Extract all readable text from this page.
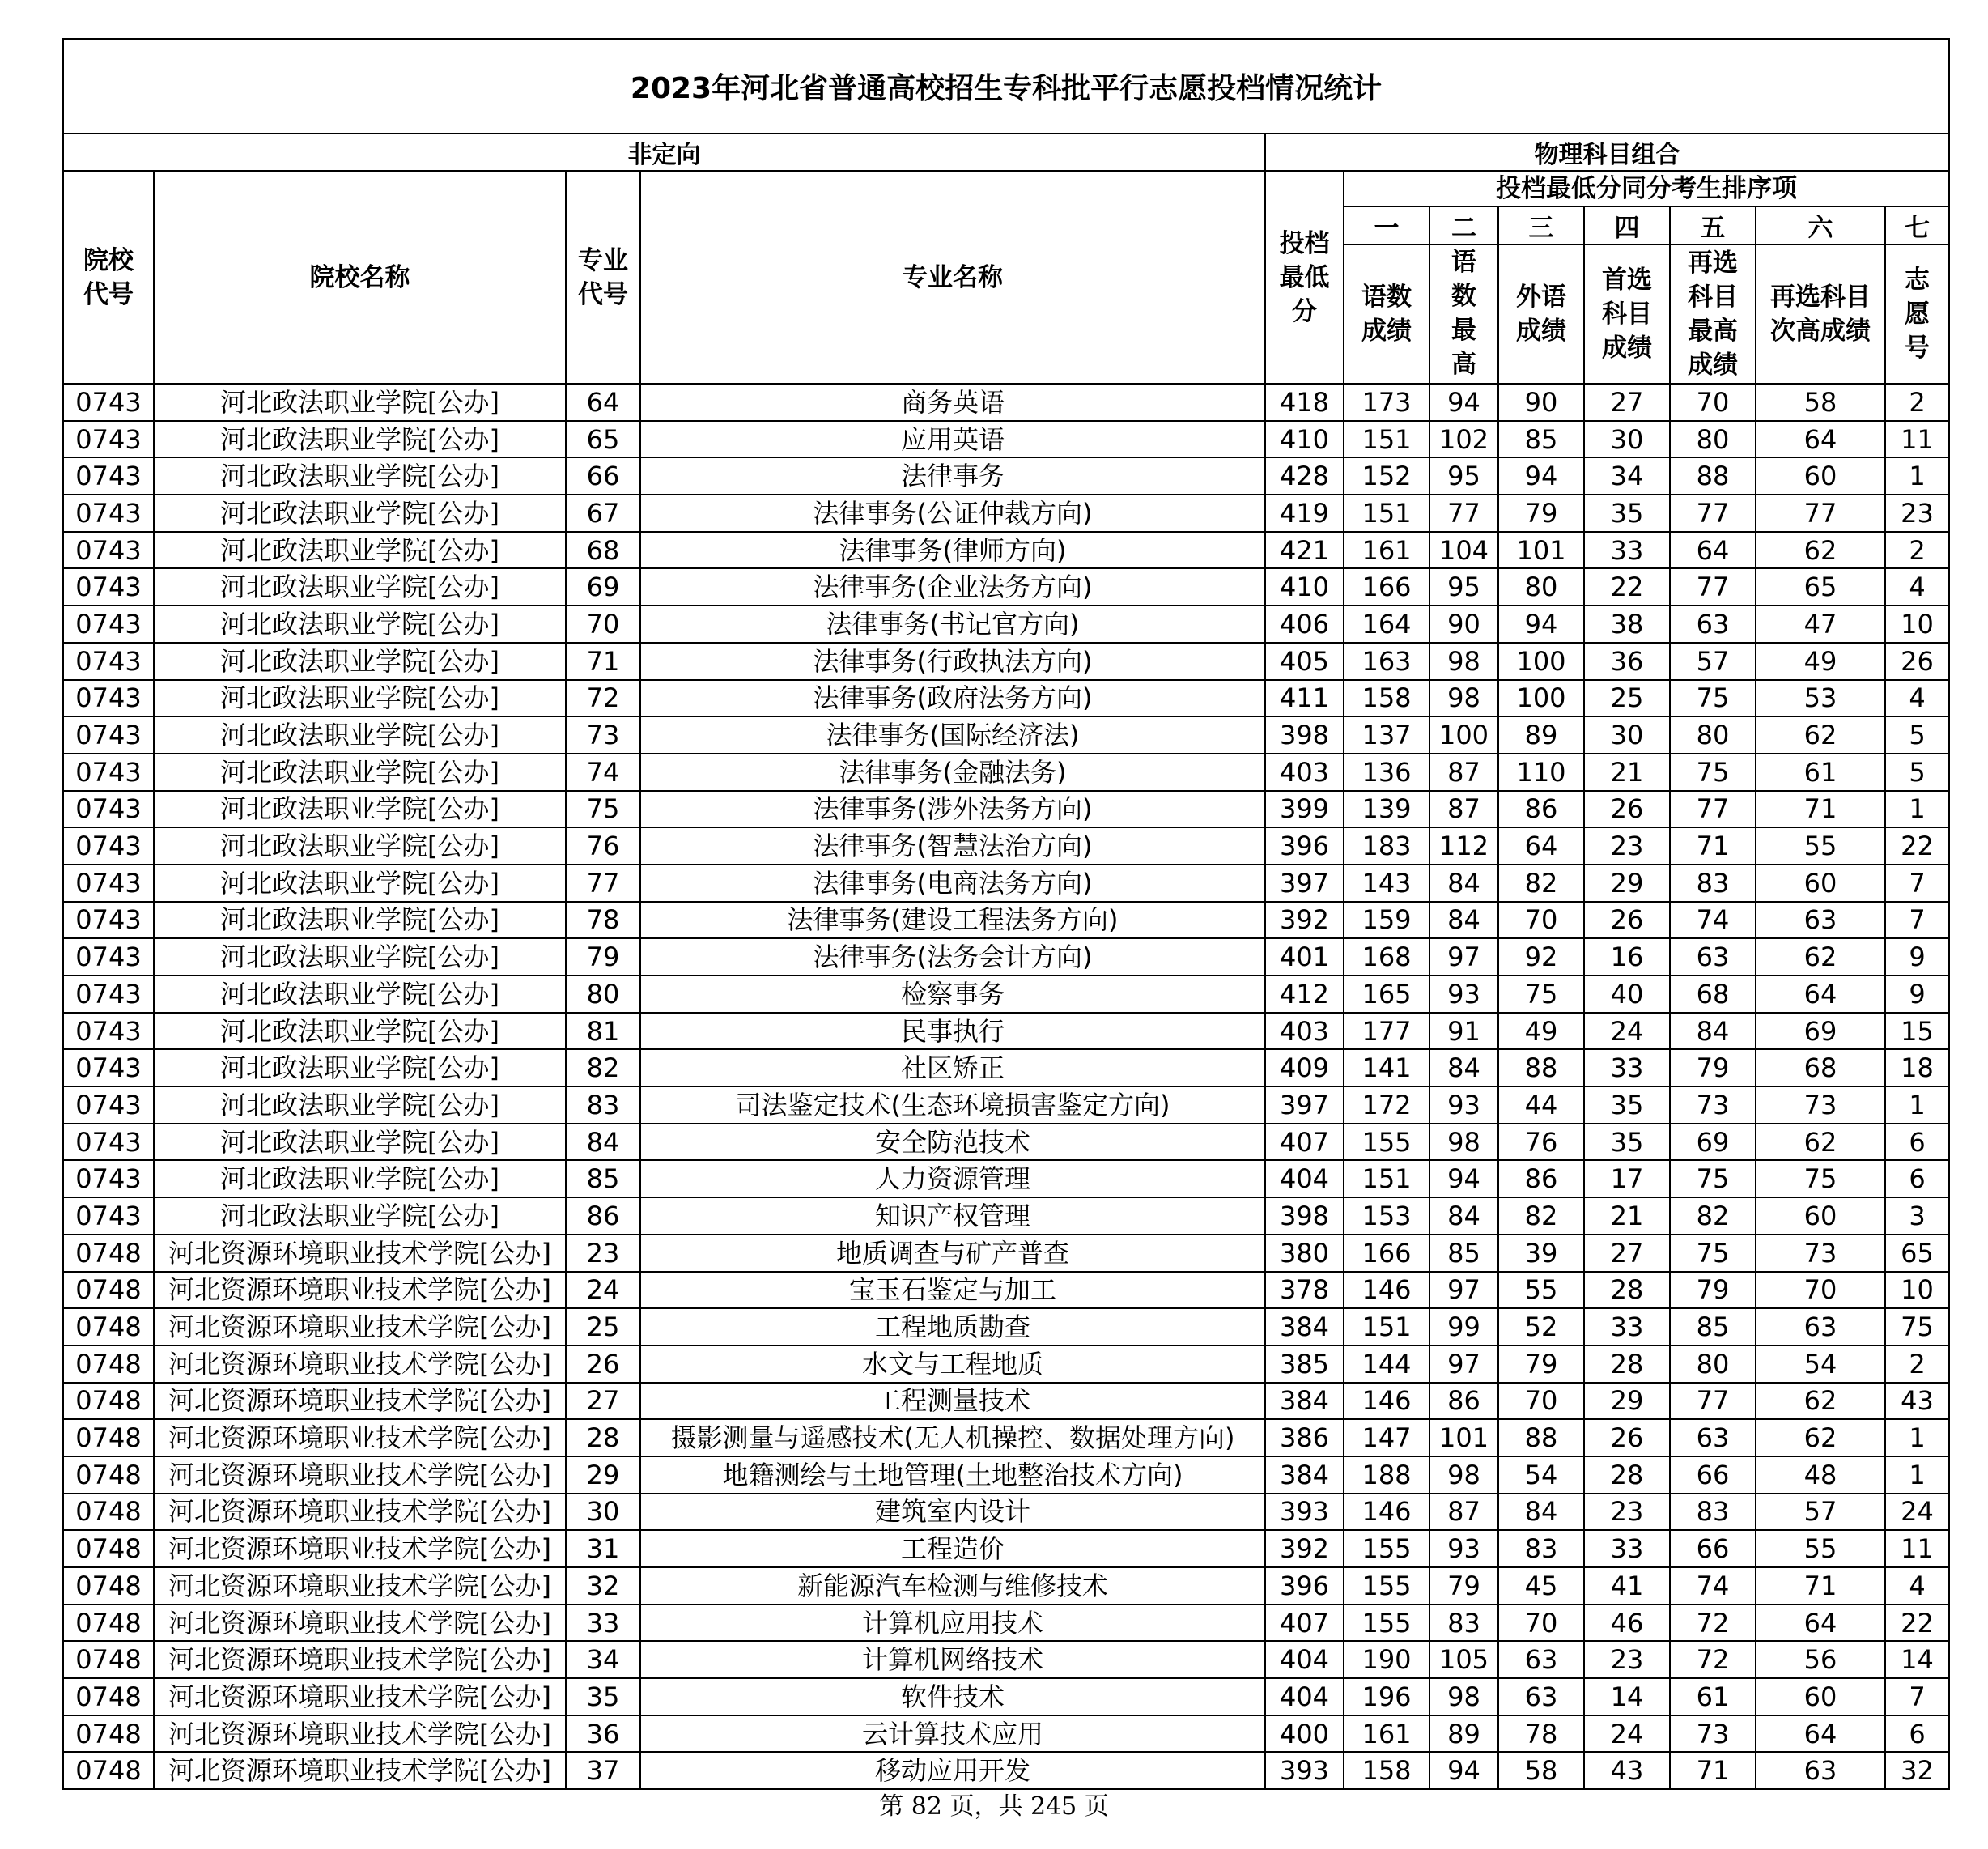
2023年河北省普通高校招生专科批平行志愿投档情况统计											
非定向				物理科目组合							

院校代号	院校名称	专业代号	专业名称	投档最低分	投档最低分同分考生排序项						
					一	二	三	四	五	六	七

					语数成绩	语数最高	外语成绩	首选科目成绩	再选科目最高成绩	再选科目次高成绩	志愿号

0743	河北政法职业学院[公办]	64	商务英语	418	173	94	90	27	70	58	2
0743	河北政法职业学院[公办]	65	应用英语	410	151	102	85	30	80	64	11
0743	河北政法职业学院[公办]	66	法律事务	428	152	95	94	34	88	60	1
0743	河北政法职业学院[公办]	67	法律事务(公证仲裁方向)	419	151	77	79	35	77	77	23
0743	河北政法职业学院[公办]	68	法律事务(律师方向)	421	161	104	101	33	64	62	2
0743	河北政法职业学院[公办]	69	法律事务(企业法务方向)	410	166	95	80	22	77	65	4
0743	河北政法职业学院[公办]	70	法律事务(书记官方向)	406	164	90	94	38	63	47	10
0743	河北政法职业学院[公办]	71	法律事务(行政执法方向)	405	163	98	100	36	57	49	26
0743	河北政法职业学院[公办]	72	法律事务(政府法务方向)	411	158	98	100	25	75	53	4
0743	河北政法职业学院[公办]	73	法律事务(国际经济法)	398	137	100	89	30	80	62	5
0743	河北政法职业学院[公办]	74	法律事务(金融法务)	403	136	87	110	21	75	61	5
0743	河北政法职业学院[公办]	75	法律事务(涉外法务方向)	399	139	87	86	26	77	71	1
0743	河北政法职业学院[公办]	76	法律事务(智慧法治方向)	396	183	112	64	23	71	55	22
0743	河北政法职业学院[公办]	77	法律事务(电商法务方向)	397	143	84	82	29	83	60	7
0743	河北政法职业学院[公办]	78	法律事务(建设工程法务方向)	392	159	84	70	26	74	63	7
0743	河北政法职业学院[公办]	79	法律事务(法务会计方向)	401	168	97	92	16	63	62	9
0743	河北政法职业学院[公办]	80	检察事务	412	165	93	75	40	68	64	9
0743	河北政法职业学院[公办]	81	民事执行	403	177	91	49	24	84	69	15
0743	河北政法职业学院[公办]	82	社区矫正	409	141	84	88	33	79	68	18
0743	河北政法职业学院[公办]	83	司法鉴定技术(生态环境损害鉴定方向)	397	172	93	44	35	73	73	1
0743	河北政法职业学院[公办]	84	安全防范技术	407	155	98	76	35	69	62	6
0743	河北政法职业学院[公办]	85	人力资源管理	404	151	94	86	17	75	75	6
0743	河北政法职业学院[公办]	86	知识产权管理	398	153	84	82	21	82	60	3
0748	河北资源环境职业技术学院[公办]	23	地质调查与矿产普查	380	166	85	39	27	75	73	65
0748	河北资源环境职业技术学院[公办]	24	宝玉石鉴定与加工	378	146	97	55	28	79	70	10
0748	河北资源环境职业技术学院[公办]	25	工程地质勘查	384	151	99	52	33	85	63	75
0748	河北资源环境职业技术学院[公办]	26	水文与工程地质	385	144	97	79	28	80	54	2
0748	河北资源环境职业技术学院[公办]	27	工程测量技术	384	146	86	70	29	77	62	43
0748	河北资源环境职业技术学院[公办]	28	摄影测量与遥感技术(无人机操控、数据处理方向)	386	147	101	88	26	63	62	1
0748	河北资源环境职业技术学院[公办]	29	地籍测绘与土地管理(土地整治技术方向)	384	188	98	54	28	66	48	1
0748	河北资源环境职业技术学院[公办]	30	建筑室内设计	393	146	87	84	23	83	57	24
0748	河北资源环境职业技术学院[公办]	31	工程造价	392	155	93	83	33	66	55	11
0748	河北资源环境职业技术学院[公办]	32	新能源汽车检测与维修技术	396	155	79	45	41	74	71	4
0748	河北资源环境职业技术学院[公办]	33	计算机应用技术	407	155	83	70	46	72	64	22
0748	河北资源环境职业技术学院[公办]	34	计算机网络技术	404	190	105	63	23	72	56	14
0748	河北资源环境职业技术学院[公办]	35	软件技术	404	196	98	63	14	61	60	7
0748	河北资源环境职业技术学院[公办]	36	云计算技术应用	400	161	89	78	24	73	64	6
0748	河北资源环境职业技术学院[公办]	37	移动应用开发	393	158	94	58	43	71	63	32
第 82 页，共 245 页
